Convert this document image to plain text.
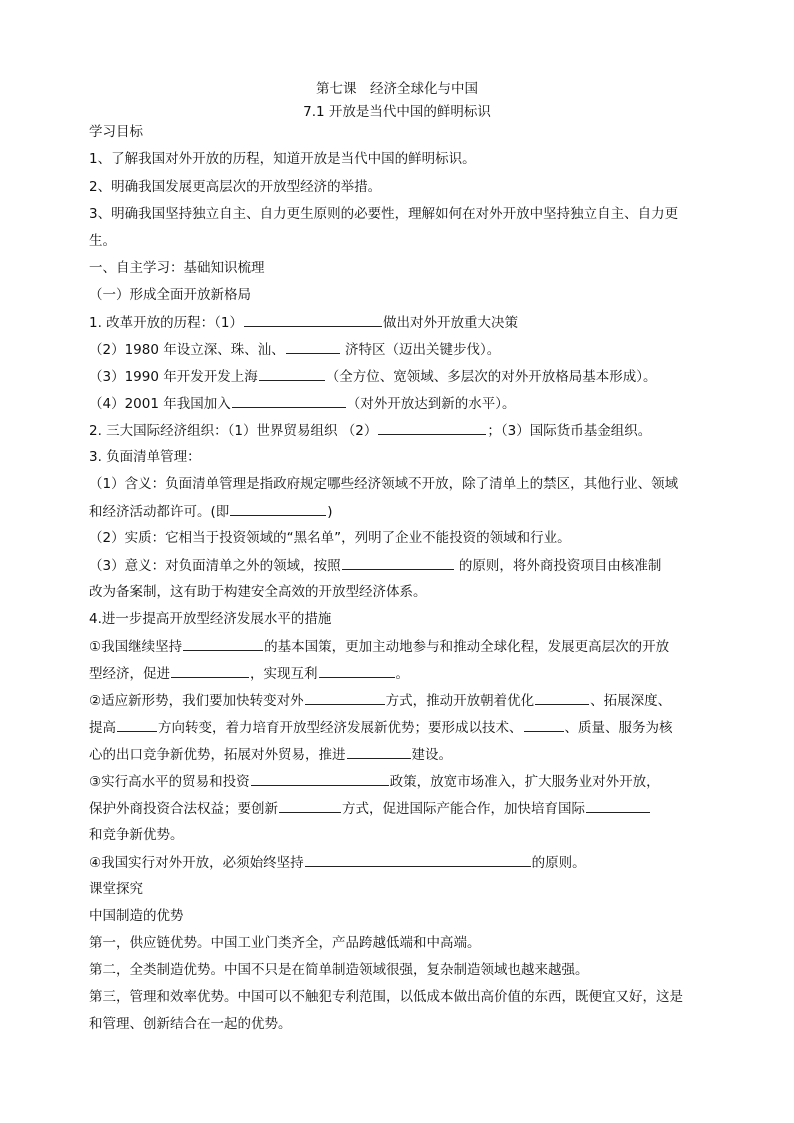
第七课　经济全球化与中国
7.1 开放是当代中国的鲜明标识
学习目标
1、了解我国对外开放的历程，知道开放是当代中国的鲜明标识。
2、明确我国发展更高层次的开放型经济的举措。
3、明确我国坚持独立自主、自力更生原则的必要性，理解如何在对外开放中坚持独立自主、自力更
生。
一、自主学习：基础知识梳理
（一）形成全面开放新格局
1. 改革开放的历程：（1）	做出对外开放重大决策
（2）1980 年设立深、珠、汕、	济特区（迈出关键步伐）。
（3）1990 年开发开发上海	（全方位、宽领域、多层次的对外开放格局基本形成）。
（4）2001 年我国加入	（对外开放达到新的水平）。
2. 三大国际经济组织：（1）世界贸易组织 （2）	；（3）国际货币基金组织。
3. 负面清单管理：
（1）含义：负面清单管理是指政府规定哪些经济领域不开放，除了清单上的禁区，其他行业、领域
和经济活动都许可。(即	)
（2）实质：它相当于投资领域的“黑名单”，列明了企业不能投资的领域和行业。
（3）意义：对负面清单之外的领域，按照	的原则，将外商投资项目由核准制
改为备案制，这有助于构建安全高效的开放型经济体系。
4.进一步提高开放型经济发展水平的措施
①我国继续坚持	的基本国策，更加主动地参与和推动全球化程，发展更高层次的开放
型经济，促进	，实现互利	。
②适应新形势，我们要加快转变对外	方式，推动开放朝着优化	、拓展深度、
提高	方向转变，着力培育开放型经济发展新优势；要形成以技术、	、质量、服务为核
心的出口竞争新优势，拓展对外贸易，推进	建设。
③实行高水平的贸易和投资	政策，放宽市场准入，扩大服务业对外开放，
保护外商投资合法权益；要创新	方式，促进国际产能合作，加快培育国际
和竞争新优势。
④我国实行对外开放，必须始终坚持	的原则。
课堂探究
中国制造的优势
第一，供应链优势。中国工业门类齐全，产品跨越低端和中高端。
第二，全类制造优势。中国不只是在简单制造领域很强，复杂制造领域也越来越强。
第三，管理和效率优势。中国可以不触犯专利范围，以低成本做出高价值的东西，既便宜又好，这是
和管理、创新结合在一起的优势。
